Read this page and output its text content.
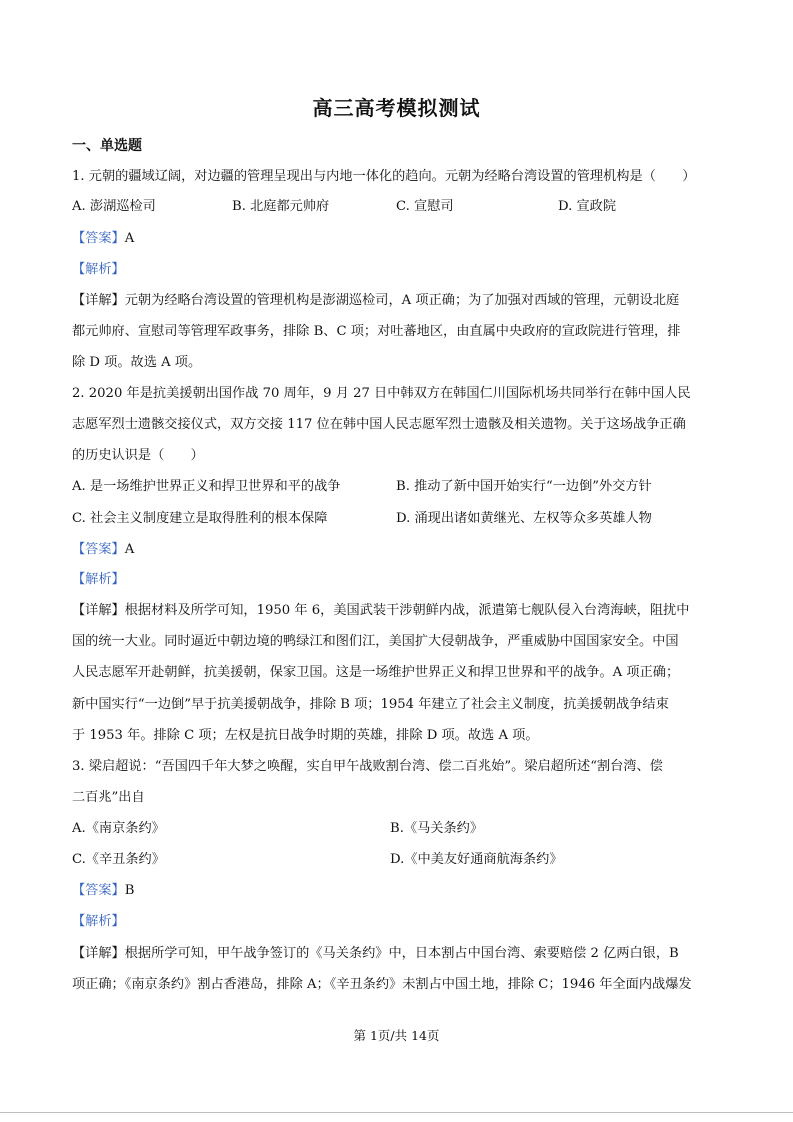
高三高考模拟测试
一、单选题
1. 元朝的疆域辽阔，对边疆的管理呈现出与内地一体化的趋向。元朝为经略台湾设置的管理机构是（　　）
A. 澎湖巡检司	B. 北庭都元帅府	C. 宣慰司	D. 宣政院
【答案】A
【解析】
【详解】元朝为经略台湾设置的管理机构是澎湖巡检司，A 项正确；为了加强对西域的管理，元朝设北庭
都元帅府、宣慰司等管理军政事务，排除 B、C 项；对吐蕃地区，由直属中央政府的宣政院进行管理，排
除 D 项。故选 A 项。
2. 2020 年是抗美援朝出国作战 70 周年，9 月 27 日中韩双方在韩国仁川国际机场共同举行在韩中国人民
志愿军烈士遗骸交接仪式，双方交接 117 位在韩中国人民志愿军烈士遗骸及相关遗物。关于这场战争正确
的历史认识是（　　）
A. 是一场维护世界正义和捍卫世界和平的战争	B. 推动了新中国开始实行“一边倒”外交方针
C. 社会主义制度建立是取得胜利的根本保障	D. 涌现出诸如黄继光、左权等众多英雄人物
【答案】A
【解析】
【详解】根据材料及所学可知，1950 年 6，美国武装干涉朝鲜内战，派遣第七舰队侵入台湾海峡，阻扰中
国的统一大业。同时逼近中朝边境的鸭绿江和图们江，美国扩大侵朝战争，严重威胁中国国家安全。中国
人民志愿军开赴朝鲜，抗美援朝，保家卫国。这是一场维护世界正义和捍卫世界和平的战争。A 项正确；
新中国实行“一边倒”早于抗美援朝战争，排除 B 项；1954 年建立了社会主义制度，抗美援朝战争结束
于 1953 年。排除 C 项；左权是抗日战争时期的英雄，排除 D 项。故选 A 项。
3. 梁启超说：“吾国四千年大梦之唤醒，实自甲午战败割台湾、偿二百兆始”。梁启超所述“割台湾、偿
二百兆”出自
A.《南京条约》	B.《马关条约》
C.《辛丑条约》	D.《中美友好通商航海条约》
【答案】B
【解析】
【详解】根据所学可知，甲午战争签订的《马关条约》中，日本割占中国台湾、索要赔偿 2 亿两白银，B
项正确；《南京条约》割占香港岛，排除 A；《辛丑条约》未割占中国土地，排除 C；1946 年全面内战爆发
第 1页/共 14页
